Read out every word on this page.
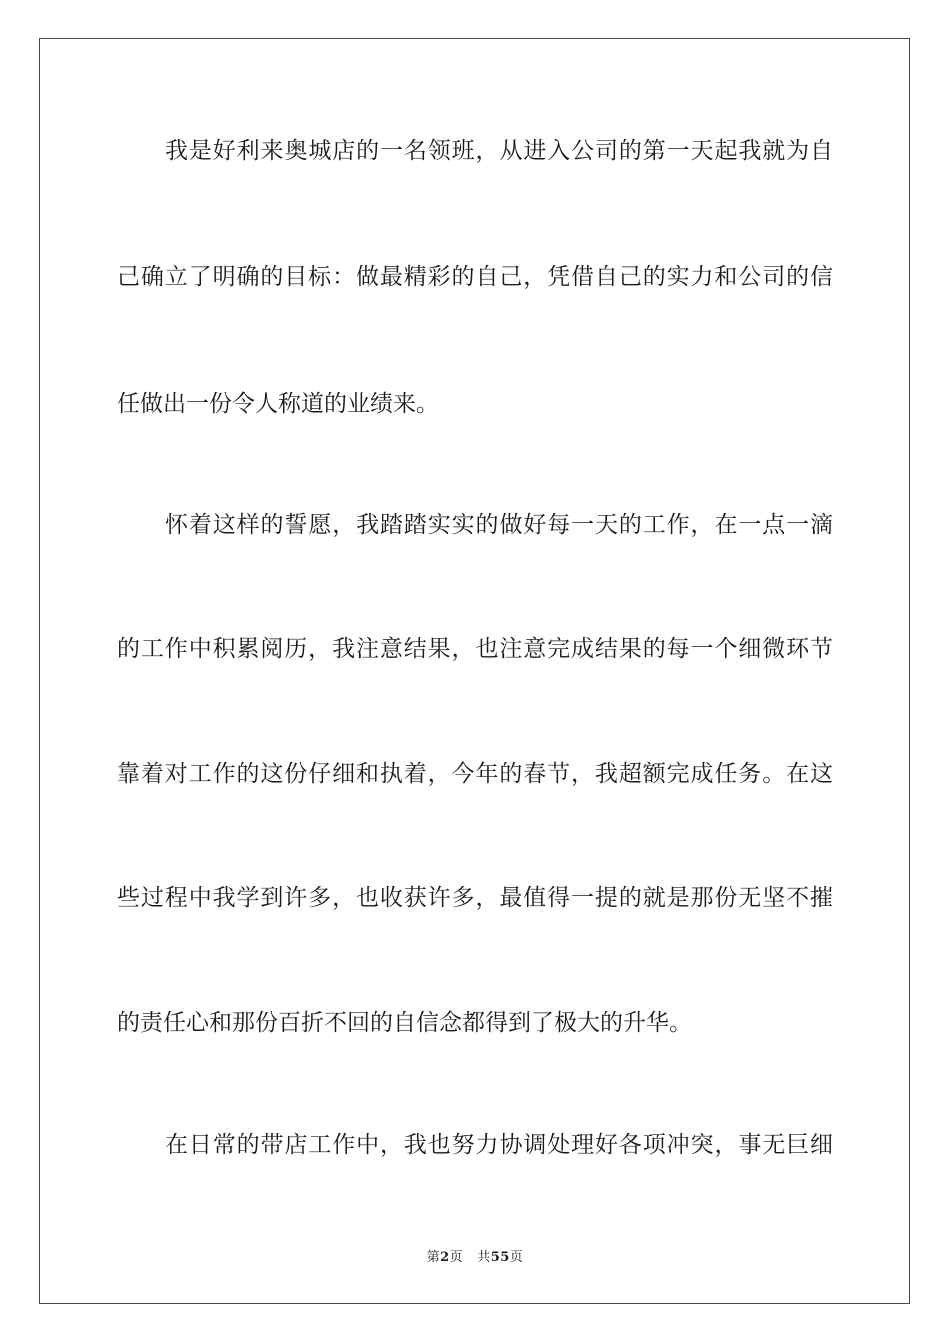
我是好利来奥城店的一名领班，从进入公司的第一天起我就为自

己确立了明确的目标：做最精彩的自己，凭借自己的实力和公司的信

任做出一份令人称道的业绩来。

怀着这样的誓愿，我踏踏实实的做好每一天的工作，在一点一滴

的工作中积累阅历，我注意结果，也注意完成结果的每一个细微环节

靠着对工作的这份仔细和执着，今年的春节，我超额完成任务。在这

些过程中我学到许多，也收获许多，最值得一提的就是那份无坚不摧

的责任心和那份百折不回的自信念都得到了极大的升华。

在日常的带店工作中，我也努力协调处理好各项冲突，事无巨细

第2页 共55页
